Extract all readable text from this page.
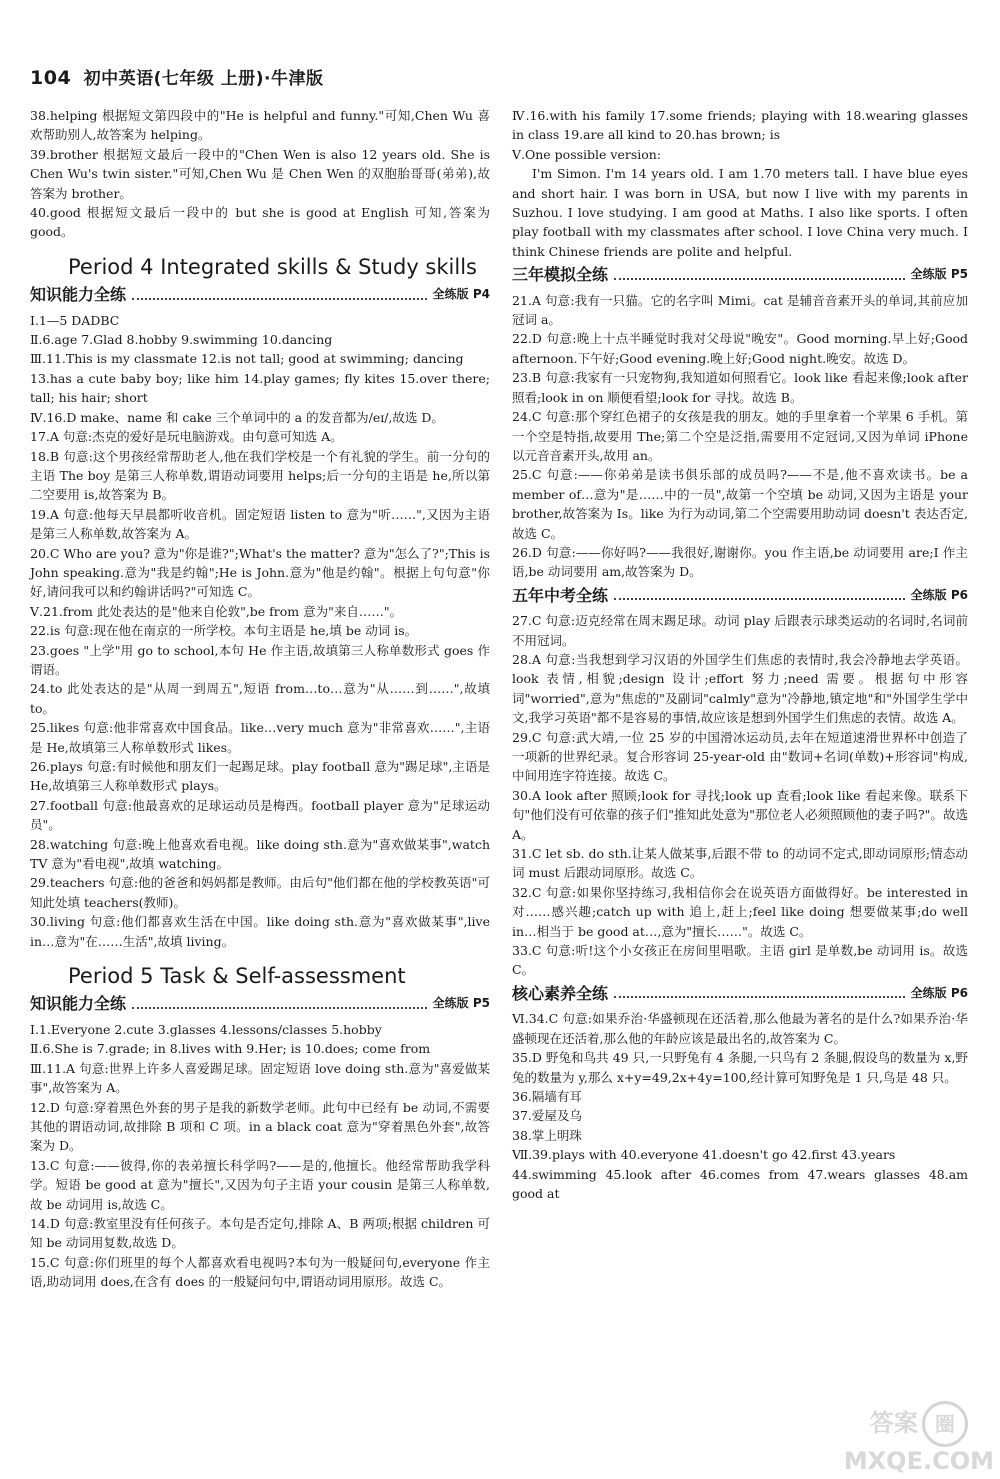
104 初中英语(七年级 上册)·牛津版

38.helping 根据短文第四段中的"He is helpful and funny."可知,Chen Wu 喜欢帮助别人,故答案为 helping。

39.brother 根据短文最后一段中的"Chen Wen is also 12 years old. She is Chen Wu's twin sister."可知,Chen Wu 是 Chen Wen 的双胞胎哥哥(弟弟),故答案为 brother。

40.good 根据短文最后一段中的 but she is good at English 可知,答案为 good。

Period 4 Integrated skills & Study skills
知识能力全练	全练版 P4

Ⅰ.1—5 DADBC

Ⅱ.6.age 7.Glad 8.hobby 9.swimming 10.dancing

Ⅲ.11.This is my classmate 12.is not tall; good at swimming; dancing

13.has a cute baby boy; like him 14.play games; fly kites 15.over there; tall; his hair; short

Ⅳ.16.D make、name 和 cake 三个单词中的 a 的发音都为/eɪ/,故选 D。

17.A 句意:杰克的爱好是玩电脑游戏。由句意可知选 A。

18.B 句意:这个男孩经常帮助老人,他在我们学校是一个有礼貌的学生。前一分句的主语 The boy 是第三人称单数,谓语动词要用 helps;后一分句的主语是 he,所以第二空要用 is,故答案为 B。

19.A 句意:他每天早晨都听收音机。固定短语 listen to 意为"听……",又因为主语是第三人称单数,故答案为 A。

20.C Who are you? 意为"你是谁?";What's the matter? 意为"怎么了?";This is John speaking.意为"我是约翰";He is John.意为"他是约翰"。根据上句句意"你好,请问我可以和约翰讲话吗?"可知选 C。

Ⅴ.21.from 此处表达的是"他来自伦敦",be from 意为"来自……"。

22.is 句意:现在他在南京的一所学校。本句主语是 he,填 be 动词 is。

23.goes "上学"用 go to school,本句 He 作主语,故填第三人称单数形式 goes 作谓语。

24.to 此处表达的是"从周一到周五",短语 from…to…意为"从……到……",故填 to。

25.likes 句意:他非常喜欢中国食品。like…very much 意为"非常喜欢……",主语是 He,故填第三人称单数形式 likes。

26.plays 句意:有时候他和朋友们一起踢足球。play football 意为"踢足球",主语是 He,故填第三人称单数形式 plays。

27.football 句意:他最喜欢的足球运动员是梅西。football player 意为"足球运动员"。

28.watching 句意:晚上他喜欢看电视。like doing sth.意为"喜欢做某事",watch TV 意为"看电视",故填 watching。

29.teachers 句意:他的爸爸和妈妈都是教师。由后句"他们都在他的学校教英语"可知此处填 teachers(教师)。

30.living 句意:他们都喜欢生活在中国。like doing sth.意为"喜欢做某事",live in…意为"在……生活",故填 living。

Period 5 Task & Self-assessment
知识能力全练	全练版 P5

Ⅰ.1.Everyone 2.cute 3.glasses 4.lessons/classes 5.hobby

Ⅱ.6.She is 7.grade; in 8.lives with 9.Her; is 10.does; come from

Ⅲ.11.A 句意:世界上许多人喜爱踢足球。固定短语 love doing sth.意为"喜爱做某事",故答案为 A。

12.D 句意:穿着黑色外套的男子是我的新数学老师。此句中已经有 be 动词,不需要其他的谓语动词,故排除 B 项和 C 项。in a black coat 意为"穿着黑色外套",故答案为 D。

13.C 句意:——彼得,你的表弟擅长科学吗?——是的,他擅长。他经常帮助我学科学。短语 be good at 意为"擅长",又因为句子主语 your cousin 是第三人称单数,故 be 动词用 is,故选 C。

14.D 句意:教室里没有任何孩子。本句是否定句,排除 A、B 两项;根据 children 可知 be 动词用复数,故选 D。

15.C 句意:你们班里的每个人都喜欢看电视吗?本句为一般疑问句,everyone 作主语,助动词用 does,在含有 does 的一般疑问句中,谓语动词用原形。故选 C。

Ⅳ.16.with his family 17.some friends; playing with 18.wearing glasses in class 19.are all kind to 20.has brown; is

Ⅴ.One possible version:

I'm Simon. I'm 14 years old. I am 1.70 meters tall. I have blue eyes and short hair. I was born in USA, but now I live with my parents in Suzhou. I love studying. I am good at Maths. I also like sports. I often play football with my classmates after school. I love China very much. I think Chinese friends are polite and helpful.

三年模拟全练	全练版 P5

21.A 句意:我有一只猫。它的名字叫 Mimi。cat 是辅音音素开头的单词,其前应加冠词 a。

22.D 句意:晚上十点半睡觉时我对父母说"晚安"。Good morning.早上好;Good afternoon.下午好;Good evening.晚上好;Good night.晚安。故选 D。

23.B 句意:我家有一只宠物狗,我知道如何照看它。look like 看起来像;look after 照看;look in on 顺便看望;look for 寻找。故选 B。

24.C 句意:那个穿红色裙子的女孩是我的朋友。她的手里拿着一个苹果 6 手机。第一个空是特指,故要用 The;第二个空是泛指,需要用不定冠词,又因为单词 iPhone 以元音音素开头,故用 an。

25.C 句意:——你弟弟是读书俱乐部的成员吗?——不是,他不喜欢读书。be a member of…意为"是……中的一员",故第一个空填 be 动词,又因为主语是 your brother,故答案为 Is。like 为行为动词,第二个空需要用助动词 doesn't 表达否定,故选 C。

26.D 句意:——你好吗?——我很好,谢谢你。you 作主语,be 动词要用 are;I 作主语,be 动词要用 am,故答案为 D。

五年中考全练	全练版 P6

27.C 句意:迈克经常在周末踢足球。动词 play 后跟表示球类运动的名词时,名词前不用冠词。

28.A 句意:当我想到学习汉语的外国学生们焦虑的表情时,我会冷静地去学英语。look 表情,相貌;design 设计;effort 努力;need 需要。根据句中形容词"worried",意为"焦虑的"及副词"calmly"意为"冷静地,镇定地"和"外国学生学中文,我学习英语"都不是容易的事情,故应该是想到外国学生们焦虑的表情。故选 A。

29.C 句意:武大靖,一位 25 岁的中国滑冰运动员,去年在短道速滑世界杯中创造了一项新的世界纪录。复合形容词 25-year-old 由"数词+名词(单数)+形容词"构成,中间用连字符连接。故选 C。

30.A look after 照顾;look for 寻找;look up 查看;look like 看起来像。联系下句"他们没有可依靠的孩子们"推知此处意为"那位老人必须照顾他的妻子吗?"。故选 A。

31.C let sb. do sth.让某人做某事,后跟不带 to 的动词不定式,即动词原形;情态动词 must 后跟动词原形。故选 C。

32.C 句意:如果你坚持练习,我相信你会在说英语方面做得好。be interested in 对……感兴趣;catch up with 追上,赶上;feel like doing 想要做某事;do well in…相当于 be good at…,意为"擅长……"。故选 C。

33.C 句意:听!这个小女孩正在房间里唱歌。主语 girl 是单数,be 动词用 is。故选 C。

核心素养全练	全练版 P6

Ⅵ.34.C 句意:如果乔治·华盛顿现在还活着,那么他最为著名的是什么?如果乔治·华盛顿现在还活着,那么他的年龄应该是最出名的,故答案为 C。

35.D 野兔和鸟共 49 只,一只野兔有 4 条腿,一只鸟有 2 条腿,假设鸟的数量为 x,野兔的数量为 y,那么 x+y=49,2x+4y=100,经计算可知野兔是 1 只,鸟是 48 只。

36.隔墙有耳

37.爱屋及乌

38.掌上明珠

Ⅶ.39.plays with 40.everyone 41.doesn't go 42.first 43.years

44.swimming 45.look after 46.comes from 47.wears glasses 48.am good at

答案 圈
MXQE.COM
